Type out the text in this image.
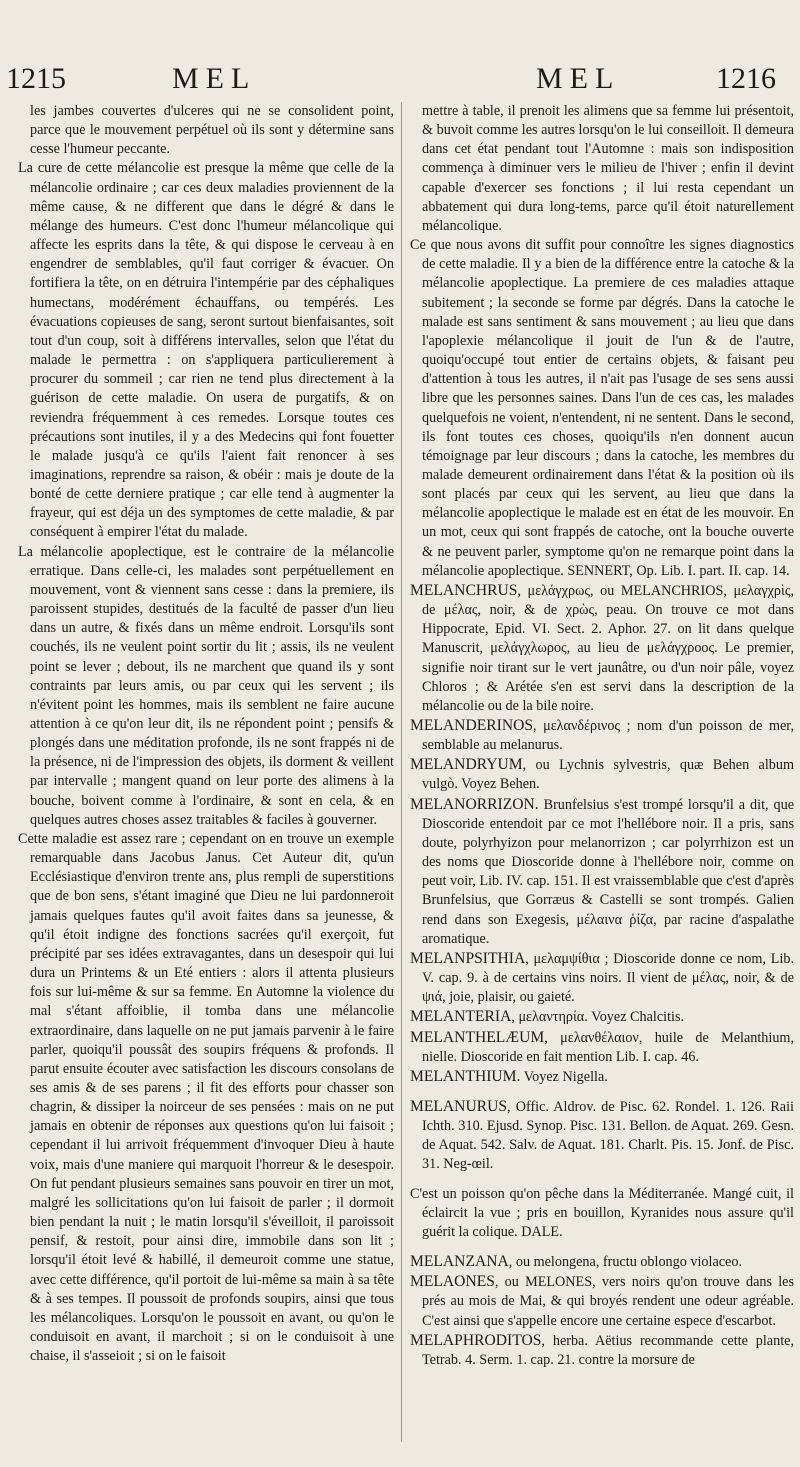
1215	MEL	MEL	1216

les jambes couvertes d'ulceres qui ne se consolident point, parce que le mouvement perpétuel où ils sont y détermine sans cesse l'humeur peccante.

La cure de cette mélancolie est presque la même que celle de la mélancolie ordinaire ; car ces deux maladies proviennent de la même cause, & ne different que dans le dégré & dans le mélange des humeurs. C'est donc l'humeur mélancolique qui affecte les esprits dans la tête, & qui dispose le cerveau à en engendrer de semblables, qu'il faut corriger & évacuer. On fortifiera la tête, on en détruira l'intempérie par des céphaliques humectans, modérément échauffans, ou tempérés. Les évacuations copieuses de sang, seront surtout bienfaisantes, soit tout d'un coup, soit à différens intervalles, selon que l'état du malade le permettra : on s'appliquera particulierement à procurer du sommeil ; car rien ne tend plus directement à la guérison de cette maladie. On usera de purgatifs, & on reviendra fréquemment à ces remedes. Lorsque toutes ces précautions sont inutiles, il y a des Medecins qui font fouetter le malade jusqu'à ce qu'ils l'aient fait renoncer à ses imaginations, reprendre sa raison, & obéir : mais je doute de la bonté de cette derniere pratique ; car elle tend à augmenter la frayeur, qui est déja un des symptomes de cette maladie, & par conséquent à empirer l'état du malade.

La mélancolie apoplectique, est le contraire de la mélancolie erratique. Dans celle-ci, les malades sont perpétuellement en mouvement, vont & viennent sans cesse : dans la premiere, ils paroissent stupides, destitués de la faculté de passer d'un lieu dans un autre, & fixés dans un même endroit. Lorsqu'ils sont couchés, ils ne veulent point sortir du lit ; assis, ils ne veulent point se lever ; debout, ils ne marchent que quand ils y sont contraints par leurs amis, ou par ceux qui les servent ; ils n'évitent point les hommes, mais ils semblent ne faire aucune attention à ce qu'on leur dit, ils ne répondent point ; pensifs & plongés dans une méditation profonde, ils ne sont frappés ni de la présence, ni de l'impression des objets, ils dorment & veillent par intervalle ; mangent quand on leur porte des alimens à la bouche, boivent comme à l'ordinaire, & sont en cela, & en quelques autres choses assez traitables & faciles à gouverner.

Cette maladie est assez rare ; cependant on en trouve un exemple remarquable dans Jacobus Janus. Cet Auteur dit, qu'un Ecclésiastique d'environ trente ans, plus rempli de superstitions que de bon sens, s'étant imaginé que Dieu ne lui pardonneroit jamais quelques fautes qu'il avoit faites dans sa jeunesse, & qu'il étoit indigne des fonctions sacrées qu'il exerçoit, fut précipité par ses idées extravagantes, dans un desespoir qui lui dura un Printems & un Eté entiers : alors il attenta plusieurs fois sur lui-même & sur sa femme. En Automne la violence du mal s'étant affoiblie, il tomba dans une mélancolie extraordinaire, dans laquelle on ne put jamais parvenir à le faire parler, quoiqu'il poussât des soupirs fréquens & profonds. Il parut ensuite écouter avec satisfaction les discours consolans de ses amis & de ses parens ; il fit des efforts pour chasser son chagrin, & dissiper la noirceur de ses pensées : mais on ne put jamais en obtenir de réponses aux questions qu'on lui faisoit ; cependant il lui arrivoit fréquemment d'invoquer Dieu à haute voix, mais d'une maniere qui marquoit l'horreur & le desespoir. On fut pendant plusieurs semaines sans pouvoir en tirer un mot, malgré les sollicitations qu'on lui faisoit de parler ; il dormoit bien pendant la nuit ; le matin lorsqu'il s'éveilloit, il paroissoit pensif, & restoit, pour ainsi dire, immobile dans son lit ; lorsqu'il étoit levé & habillé, il demeuroit comme une statue, avec cette différence, qu'il portoit de lui-même sa main à sa tête & à ses tempes. Il poussoit de profonds soupirs, ainsi que tous les mélancoliques. Lorsqu'on le poussoit en avant, ou qu'on le conduisoit en avant, il marchoit ; si on le conduisoit à une chaise, il s'asseioit ; si on le faisoit

mettre à table, il prenoit les alimens que sa femme lui présentoit, & buvoit comme les autres lorsqu'on le lui conseilloit. Il demeura dans cet état pendant tout l'Automne : mais son indisposition commença à diminuer vers le milieu de l'hiver ; enfin il devint capable d'exercer ses fonctions ; il lui resta cependant un abbatement qui dura long-tems, parce qu'il étoit naturellement mélancolique.

Ce que nous avons dit suffit pour connoître les signes diagnostics de cette maladie. Il y a bien de la différence entre la catoche & la mélancolie apoplectique. La premiere de ces maladies attaque subitement ; la seconde se forme par dégrés. Dans la catoche le malade est sans sentiment & sans mouvement ; au lieu que dans l'apoplexie mélancolique il jouit de l'un & de l'autre, quoiqu'occupé tout entier de certains objets, & faisant peu d'attention à tous les autres, il n'ait pas l'usage de ses sens aussi libre que les personnes saines. Dans l'un de ces cas, les malades quelquefois ne voient, n'entendent, ni ne sentent. Dans le second, ils font toutes ces choses, quoiqu'ils n'en donnent aucun témoignage par leur discours ; dans la catoche, les membres du malade demeurent ordinairement dans l'état & la position où ils sont placés par ceux qui les servent, au lieu que dans la mélancolie apoplectique le malade est en état de les mouvoir. En un mot, ceux qui sont frappés de catoche, ont la bouche ouverte & ne peuvent parler, symptome qu'on ne remarque point dans la mélancolie apoplectique. SENNERT, Op. Lib. I. part. II. cap. 14.

MELANCHRUS, μελάγχρως, ou MELANCHRIOS, μελαγχρὶς, de μέλας, noir, & de χρὼς, peau. On trouve ce mot dans Hippocrate, Epid. VI. Sect. 2. Aphor. 27. on lit dans quelque Manuscrit, μελάγχλωρος, au lieu de μελάγχροος. Le premier, signifie noir tirant sur le vert jaunâtre, ou d'un noir pâle, voyez Chloros ; & Arétée s'en est servi dans la description de la mélancolie ou de la bile noire.

MELANDERINOS, μελανδέρινος ; nom d'un poisson de mer, semblable au melanurus.

MELANDRYUM, ou Lychnis sylvestris, quæ Behen album vulgò. Voyez Behen.

MELANORRIZON. Brunfelsius s'est trompé lorsqu'il a dit, que Dioscoride entendoit par ce mot l'hellébore noir. Il a pris, sans doute, polyrhyizon pour melanorrizon ; car polyrrhizon est un des noms que Dioscoride donne à l'hellébore noir, comme on peut voir, Lib. IV. cap. 151. Il est vraissemblable que c'est d'après Brunfelsius, que Gorræus & Castelli se sont trompés. Galien rend dans son Exegesis, μέλαινα ῥίζα, par racine d'aspalathe aromatique.

MELANPSITHIA, μελαμψίθια ; Dioscoride donne ce nom, Lib. V. cap. 9. à de certains vins noirs. Il vient de μέλας, noir, & de ψιά, joie, plaisir, ou gaieté.

MELANTERIA, μελαντηρία. Voyez Chalcitis.

MELANTHELÆUM, μελανθέλαιον, huile de Melanthium, nielle. Dioscoride en fait mention Lib. I. cap. 46.

MELANTHIUM. Voyez Nigella.

MELANURUS, Offic. Aldrov. de Pisc. 62. Rondel. 1. 126. Raii Ichth. 310. Ejusd. Synop. Pisc. 131. Bellon. de Aquat. 269. Gesn. de Aquat. 542. Salv. de Aquat. 181. Charlt. Pis. 15. Jonf. de Pisc. 31. Neg-œil.

C'est un poisson qu'on pêche dans la Méditerranée. Mangé cuit, il éclaircit la vue ; pris en bouillon, Kyranides nous assure qu'il guérit la colique. DALE.

MELANZANA, ou melongena, fructu oblongo violaceo.

MELAONES, ou MELONES, vers noirs qu'on trouve dans les prés au mois de Mai, & qui broyés rendent une odeur agréable. C'est ainsi que s'appelle encore une certaine espece d'escarbot.

MELAPHRODITOS, herba. Aëtius recommande cette plante, Tetrab. 4. Serm. 1. cap. 21. contre la morsure de
